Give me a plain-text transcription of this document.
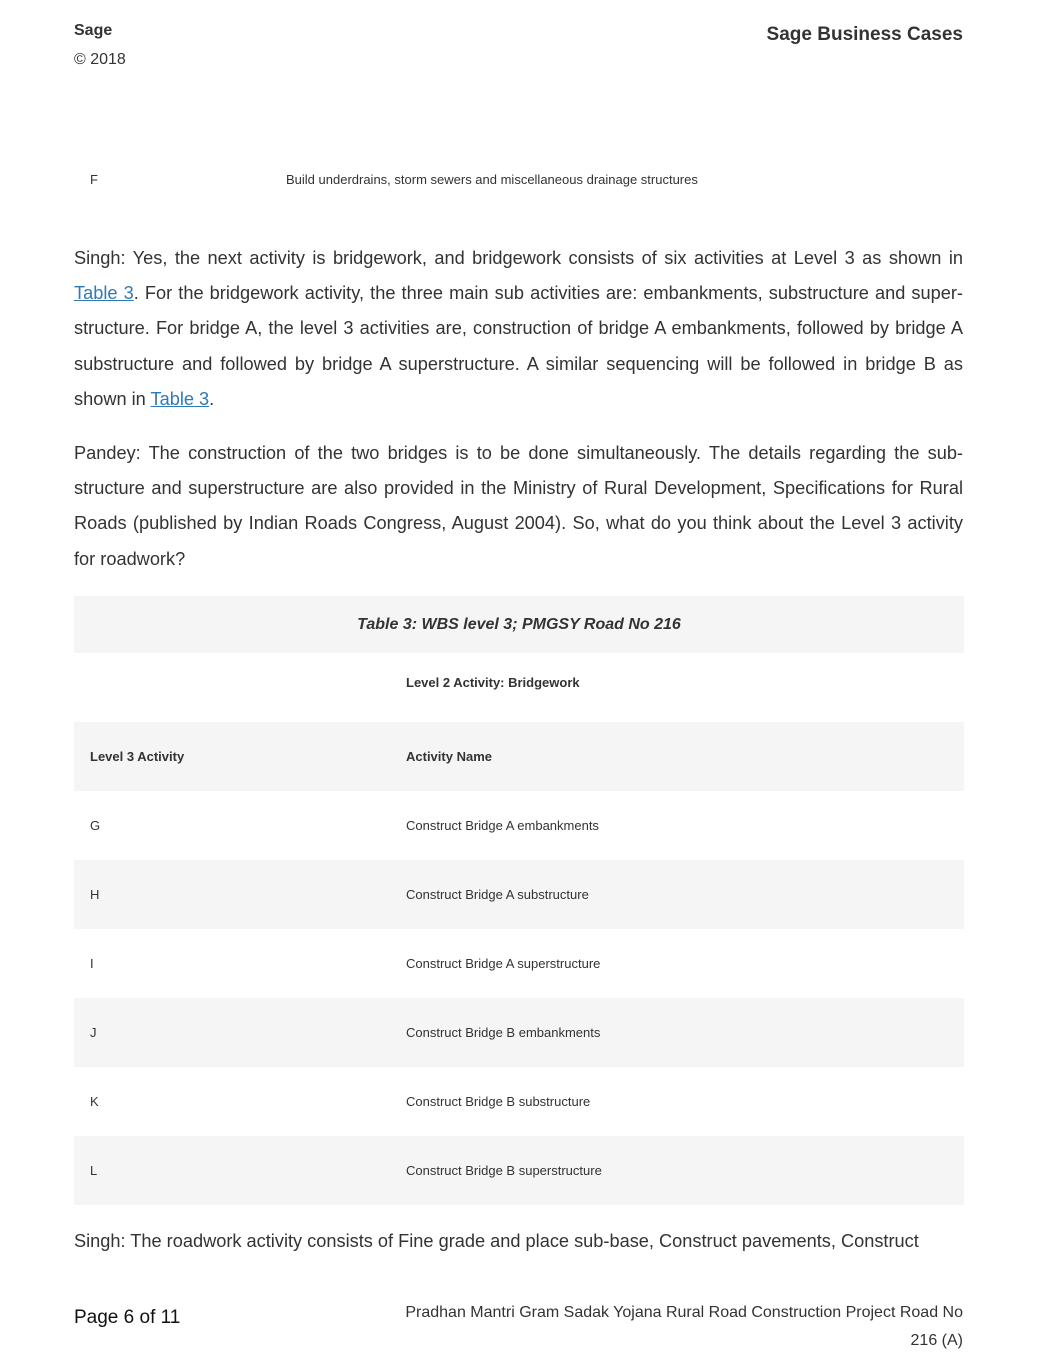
Sage
© 2018
Sage Business Cases
F	Build underdrains, storm sewers and miscellaneous drainage structures

Singh: Yes, the next activity is bridgework, and bridgework consists of six activities at Level 3 as shown in Table 3. For the bridgework activity, the three main sub activities are: embankments, substructure and super-structure. For bridge A, the level 3 activities are, construction of bridge A embankments, followed by bridge A substructure and followed by bridge A superstructure. A similar sequencing will be followed in bridge B as shown in Table 3.

Pandey: The construction of the two bridges is to be done simultaneously. The details regarding the sub-structure and superstructure are also provided in the Ministry of Rural Development, Specifications for Rural Roads (published by Indian Roads Congress, August 2004). So, what do you think about the Level 3 activity for roadwork?

Table 3: WBS level 3; PMGSY Road No 216
Level 2 Activity: Bridgework
Level 3 Activity	Activity Name
G	Construct Bridge A embankments
H	Construct Bridge A substructure
I	Construct Bridge A superstructure
J	Construct Bridge B embankments
K	Construct Bridge B substructure
L	Construct Bridge B superstructure

Singh: The roadwork activity consists of Fine grade and place sub-base, Construct pavements, Construct

Page 6 of 11	Pradhan Mantri Gram Sadak Yojana Rural Road Construction Project Road No 216 (A)
